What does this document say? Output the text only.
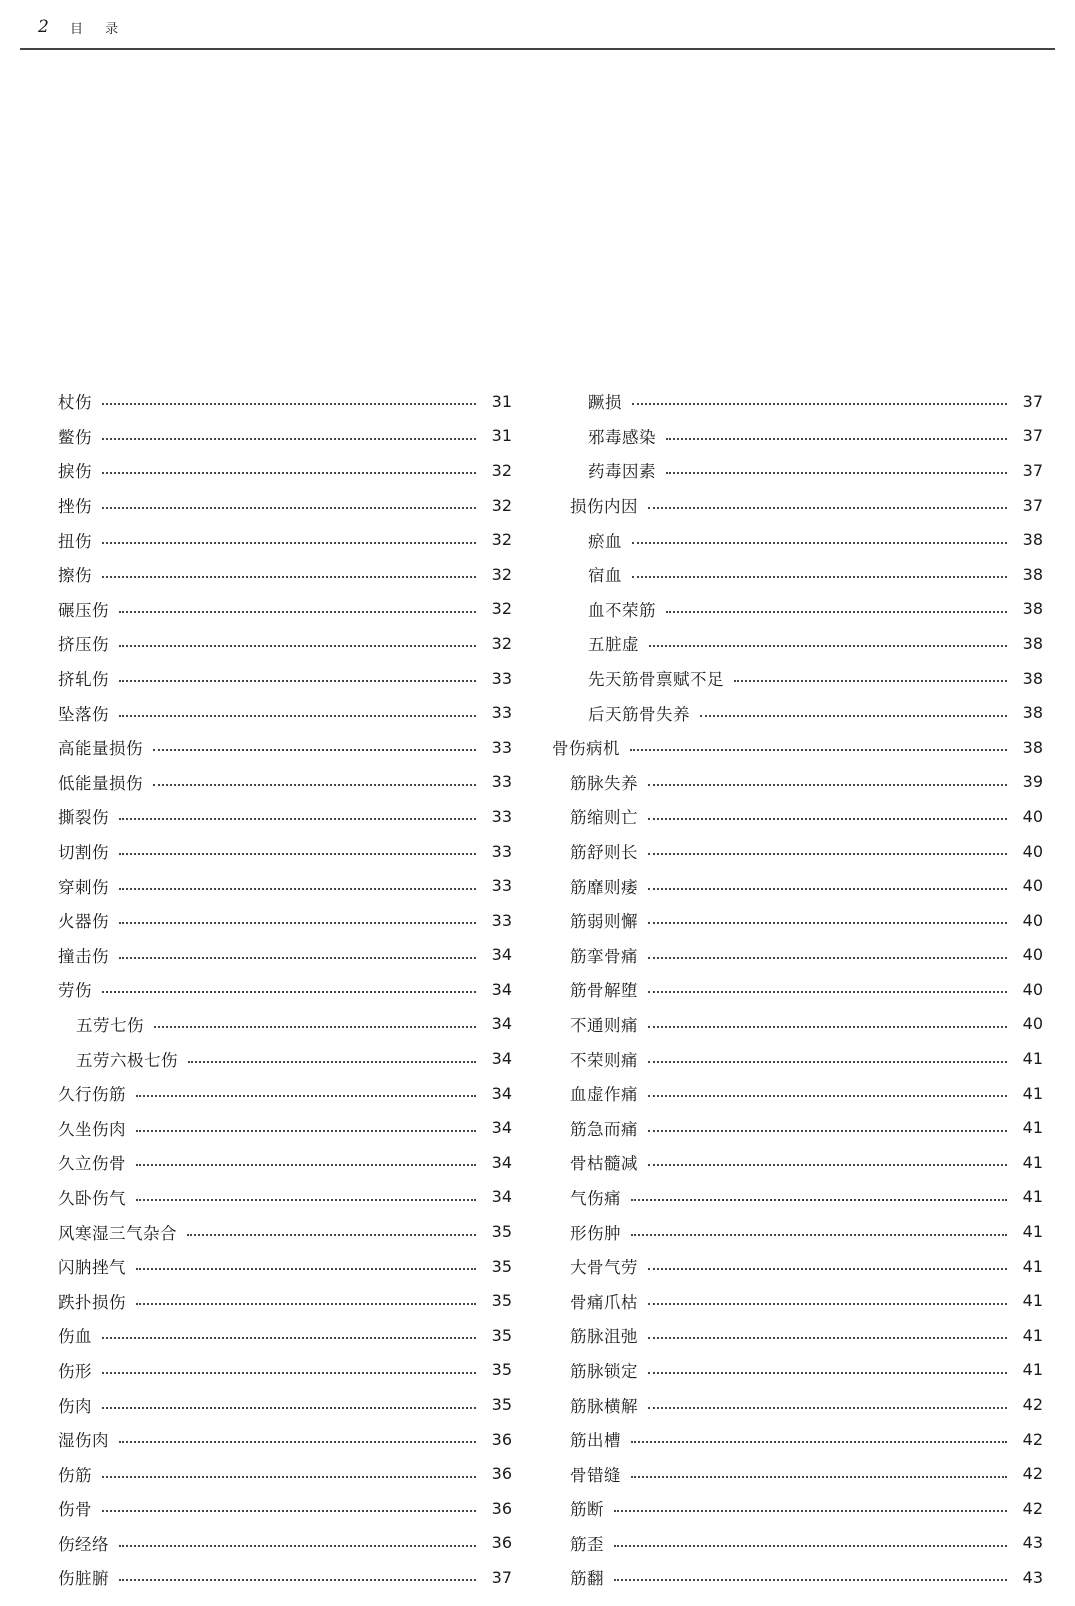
2 目 录
杖伤	31
鳖伤	31
捩伤	32
挫伤	32
扭伤	32
擦伤	32
碾压伤	32
挤压伤	32
挤轧伤	33
坠落伤	33
高能量损伤	33
低能量损伤	33
撕裂伤	33
切割伤	33
穿刺伤	33
火器伤	33
撞击伤	34
劳伤	34
五劳七伤	34
五劳六极七伤	34
久行伤筋	34
久坐伤肉	34
久立伤骨	34
久卧伤气	34
风寒湿三气杂合	35
闪肭挫气	35
跌扑损伤	35
伤血	35
伤形	35
伤肉	35
湿伤肉	36
伤筋	36
伤骨	36
伤经络	36
伤脏腑	37
蹶损	37
邪毒感染	37
药毒因素	37
损伤内因	37
瘀血	38
宿血	38
血不荣筋	38
五脏虚	38
先天筋骨禀赋不足	38
后天筋骨失养	38
骨伤病机	38
筋脉失养	39
筋缩则亡	40
筋舒则长	40
筋靡则痿	40
筋弱则懈	40
筋挛骨痛	40
筋骨解堕	40
不通则痛	40
不荣则痛	41
血虚作痛	41
筋急而痛	41
骨枯髓减	41
气伤痛	41
形伤肿	41
大骨气劳	41
骨痛爪枯	41
筋脉沮弛	41
筋脉锁定	41
筋脉横解	42
筋出槽	42
骨错缝	42
筋断	42
筋歪	43
筋翻	43
